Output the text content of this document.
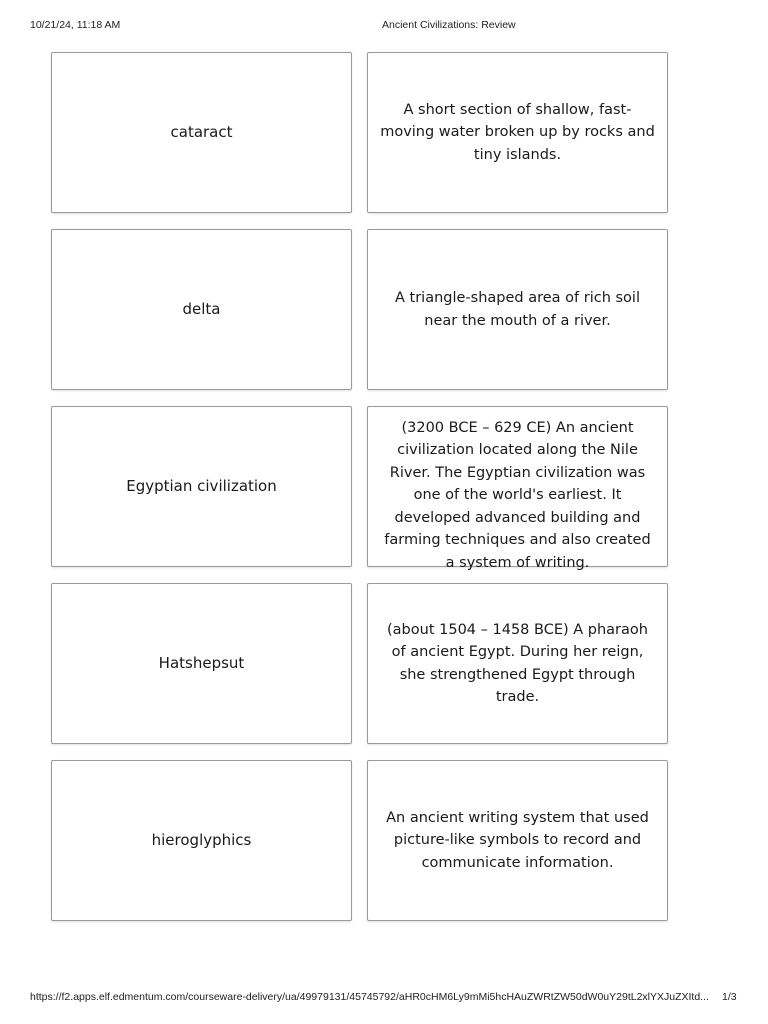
10/21/24, 11:18 AM	Ancient Civilizations: Review
cataract
A short section of shallow, fast-moving water broken up by rocks and tiny islands.
delta
A triangle-shaped area of rich soil near the mouth of a river.
Egyptian civilization
(3200 BCE – 629 CE) An ancient civilization located along the Nile River. The Egyptian civilization was one of the world's earliest. It developed advanced building and farming techniques and also created a system of writing.
Hatshepsut
(about 1504 – 1458 BCE) A pharaoh of ancient Egypt. During her reign, she strengthened Egypt through trade.
hieroglyphics
An ancient writing system that used picture-like symbols to record and communicate information.
https://f2.apps.elf.edmentum.com/courseware-delivery/ua/49979131/45745792/aHR0cHM6Ly9mMi5hcHAuZWRtZW50dW0uY29tL2xlYXJuZXItd... 1/3
